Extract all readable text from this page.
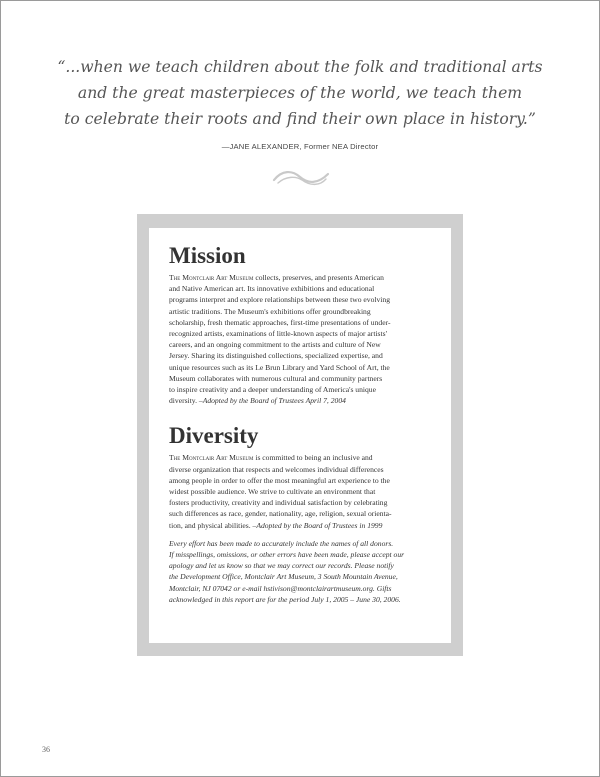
“...when we teach children about the folk and traditional arts
and the great masterpieces of the world, we teach them
to celebrate their roots and find their own place in history.”
—JANE ALEXANDER, Former NEA Director
Mission
The Montclair Art Museum collects, preserves, and presents American
and Native American art. Its innovative exhibitions and educational
programs interpret and explore relationships between these two evolving
artistic traditions. The Museum's exhibitions offer groundbreaking
scholarship, fresh thematic approaches, first-time presentations of under-
recognized artists, examinations of little-known aspects of major artists'
careers, and an ongoing commitment to the artists and culture of New
Jersey. Sharing its distinguished collections, specialized expertise, and
unique resources such as its Le Brun Library and Yard School of Art, the
Museum collaborates with numerous cultural and community partners
to inspire creativity and a deeper understanding of America's unique
diversity. –Adopted by the Board of Trustees April 7, 2004
Diversity
The Montclair Art Museum is committed to being an inclusive and
diverse organization that respects and welcomes individual differences
among people in order to offer the most meaningful art experience to the
widest possible audience. We strive to cultivate an environment that
fosters productivity, creativity and individual satisfaction by celebrating
such differences as race, gender, nationality, age, religion, sexual orienta-
tion, and physical abilities. –Adopted by the Board of Trustees in 1999
Every effort has been made to accurately include the names of all donors.
If misspellings, omissions, or other errors have been made, please accept our
apology and let us know so that we may correct our records. Please notify
the Development Office, Montclair Art Museum, 3 South Mountain Avenue,
Montclair, NJ 07042 or e-mail hstivison@montclairartmuseum.org. Gifts
acknowledged in this report are for the period July 1, 2005 – June 30, 2006.
36
